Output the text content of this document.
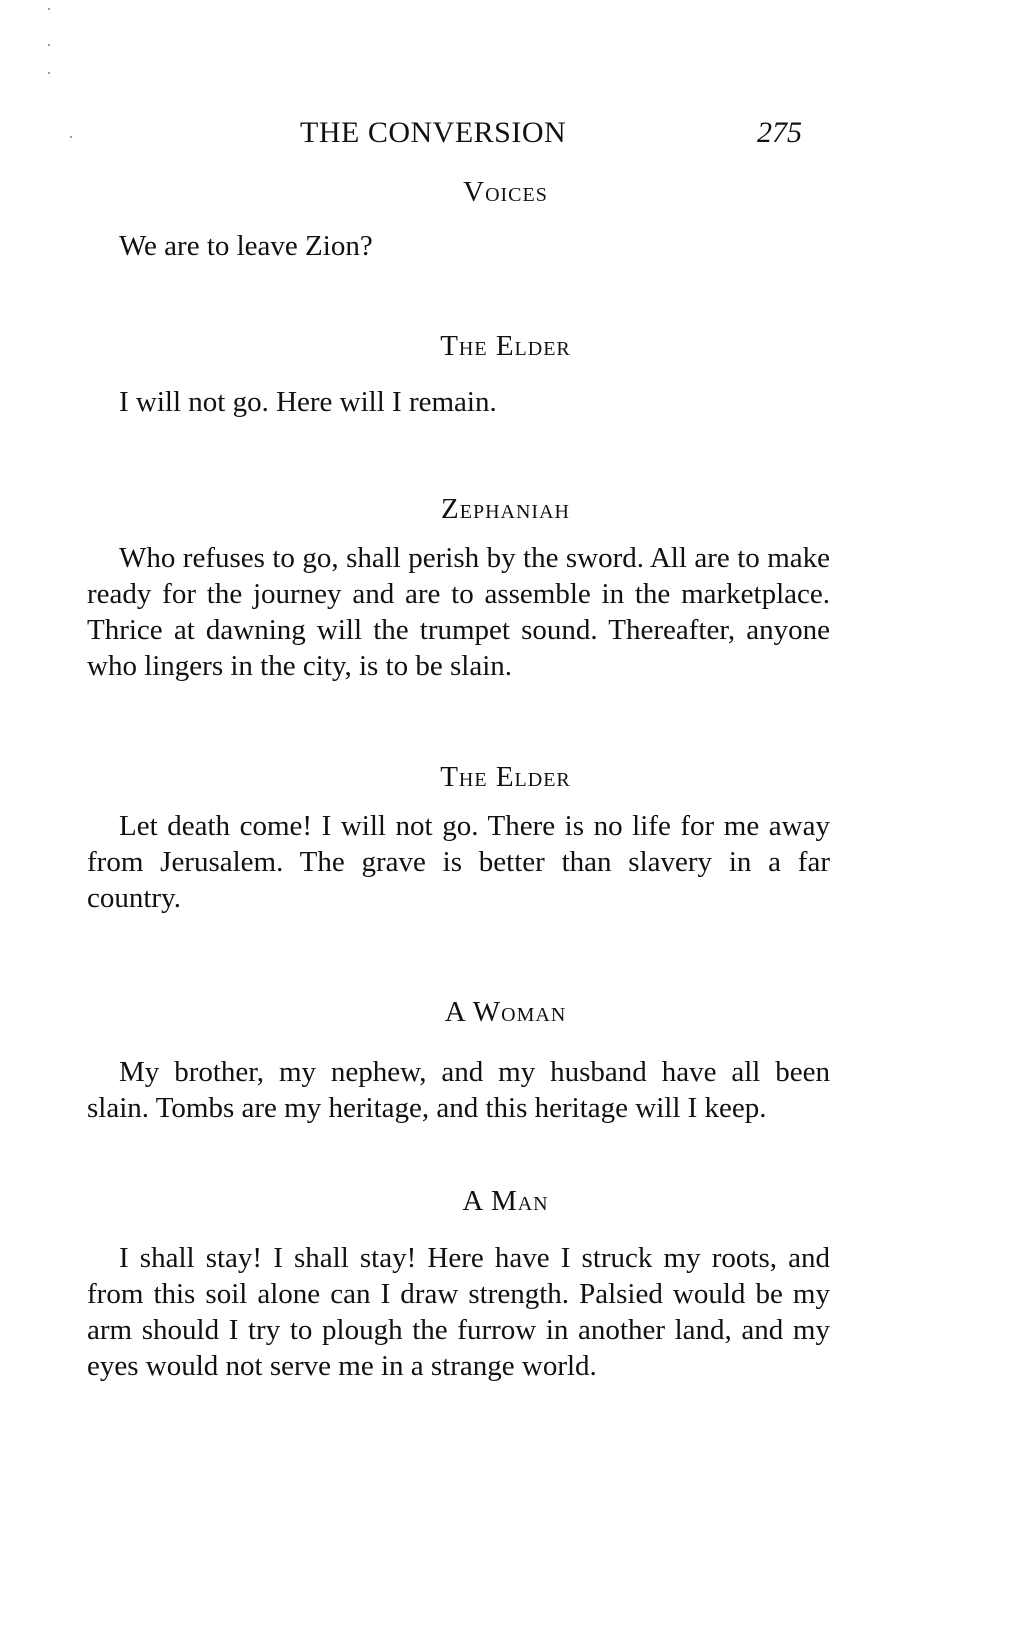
THE CONVERSION	275
Voices

We are to leave Zion?

The Elder

I will not go. Here will I remain.

Zephaniah

Who refuses to go, shall perish by the sword. All are to make ready for the journey and are to assemble in the marketplace. Thrice at dawning will the trumpet sound. Thereafter, anyone who lingers in the city, is to be slain.

The Elder

Let death come! I will not go. There is no life for me away from Jerusalem. The grave is better than slavery in a far country.

A Woman

My brother, my nephew, and my husband have all been slain. Tombs are my heritage, and this heritage will I keep.

A Man

I shall stay! I shall stay! Here have I struck my roots, and from this soil alone can I draw strength. Palsied would be my arm should I try to plough the furrow in another land, and my eyes would not serve me in a strange world.
